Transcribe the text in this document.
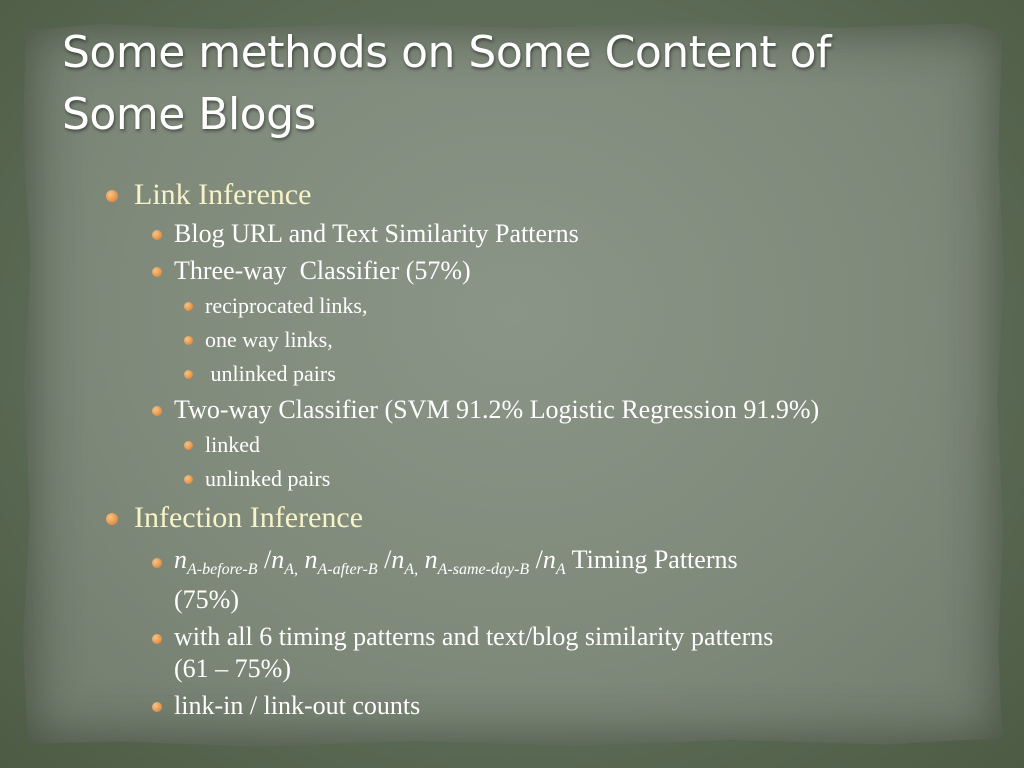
Some methods on Some Content of
Some Blogs
Link Inference
Blog URL and Text Similarity Patterns
Three-way  Classifier (57%)
reciprocated links,
one way links,
unlinked pairs
Two-way Classifier (SVM 91.2% Logistic Regression 91.9%)
linked
unlinked pairs
Infection Inference
$n_{A-before-B}$ $/n_{A,}$ $n_{A-after-B}$ $/n_{A,}$ $n_{A-same-day-B}$ $/n_A$ Timing Patterns
(75%)
with all 6 timing patterns and text/blog similarity patterns
(61 – 75%)
link-in / link-out counts
